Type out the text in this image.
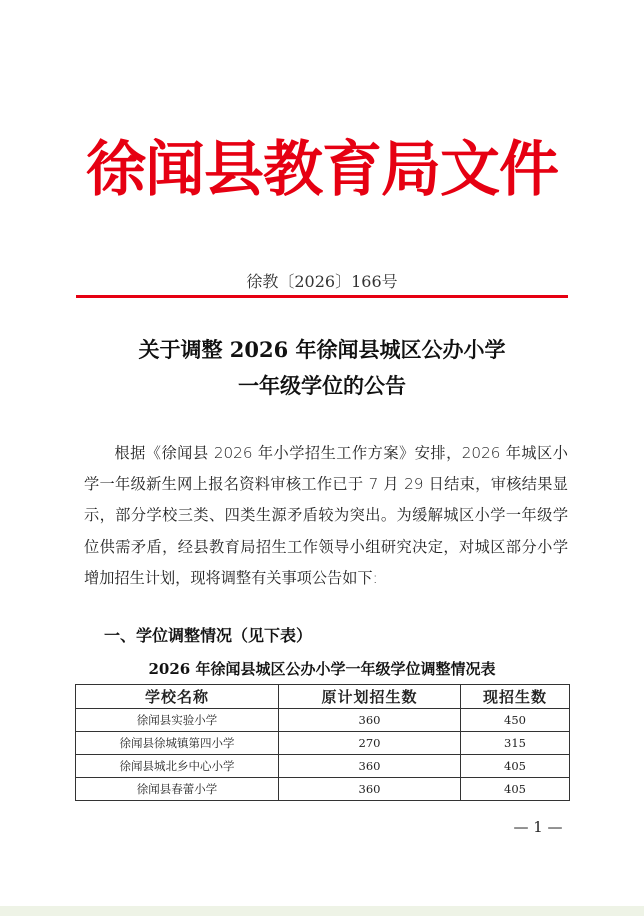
徐闻县教育局文件
徐教〔2026〕166号
关于调整 2026 年徐闻县城区公办小学
一年级学位的公告
根据《徐闻县 2026 年小学招生工作方案》安排，2026 年城区小学一年级新生网上报名资料审核工作已于 7 月 29 日结束，审核结果显示，部分学校三类、四类生源矛盾较为突出。为缓解城区小学一年级学位供需矛盾，经县教育局招生工作领导小组研究决定，对城区部分小学增加招生计划，现将调整有关事项公告如下:
一、学位调整情况（见下表）
2026 年徐闻县城区公办小学一年级学位调整情况表
学校名称	原计划招生数	现招生数
徐闻县实验小学	360	450
徐闻县徐城镇第四小学	270	315
徐闻县城北乡中心小学	360	405
徐闻县春蕾小学	360	405
— 1 —
